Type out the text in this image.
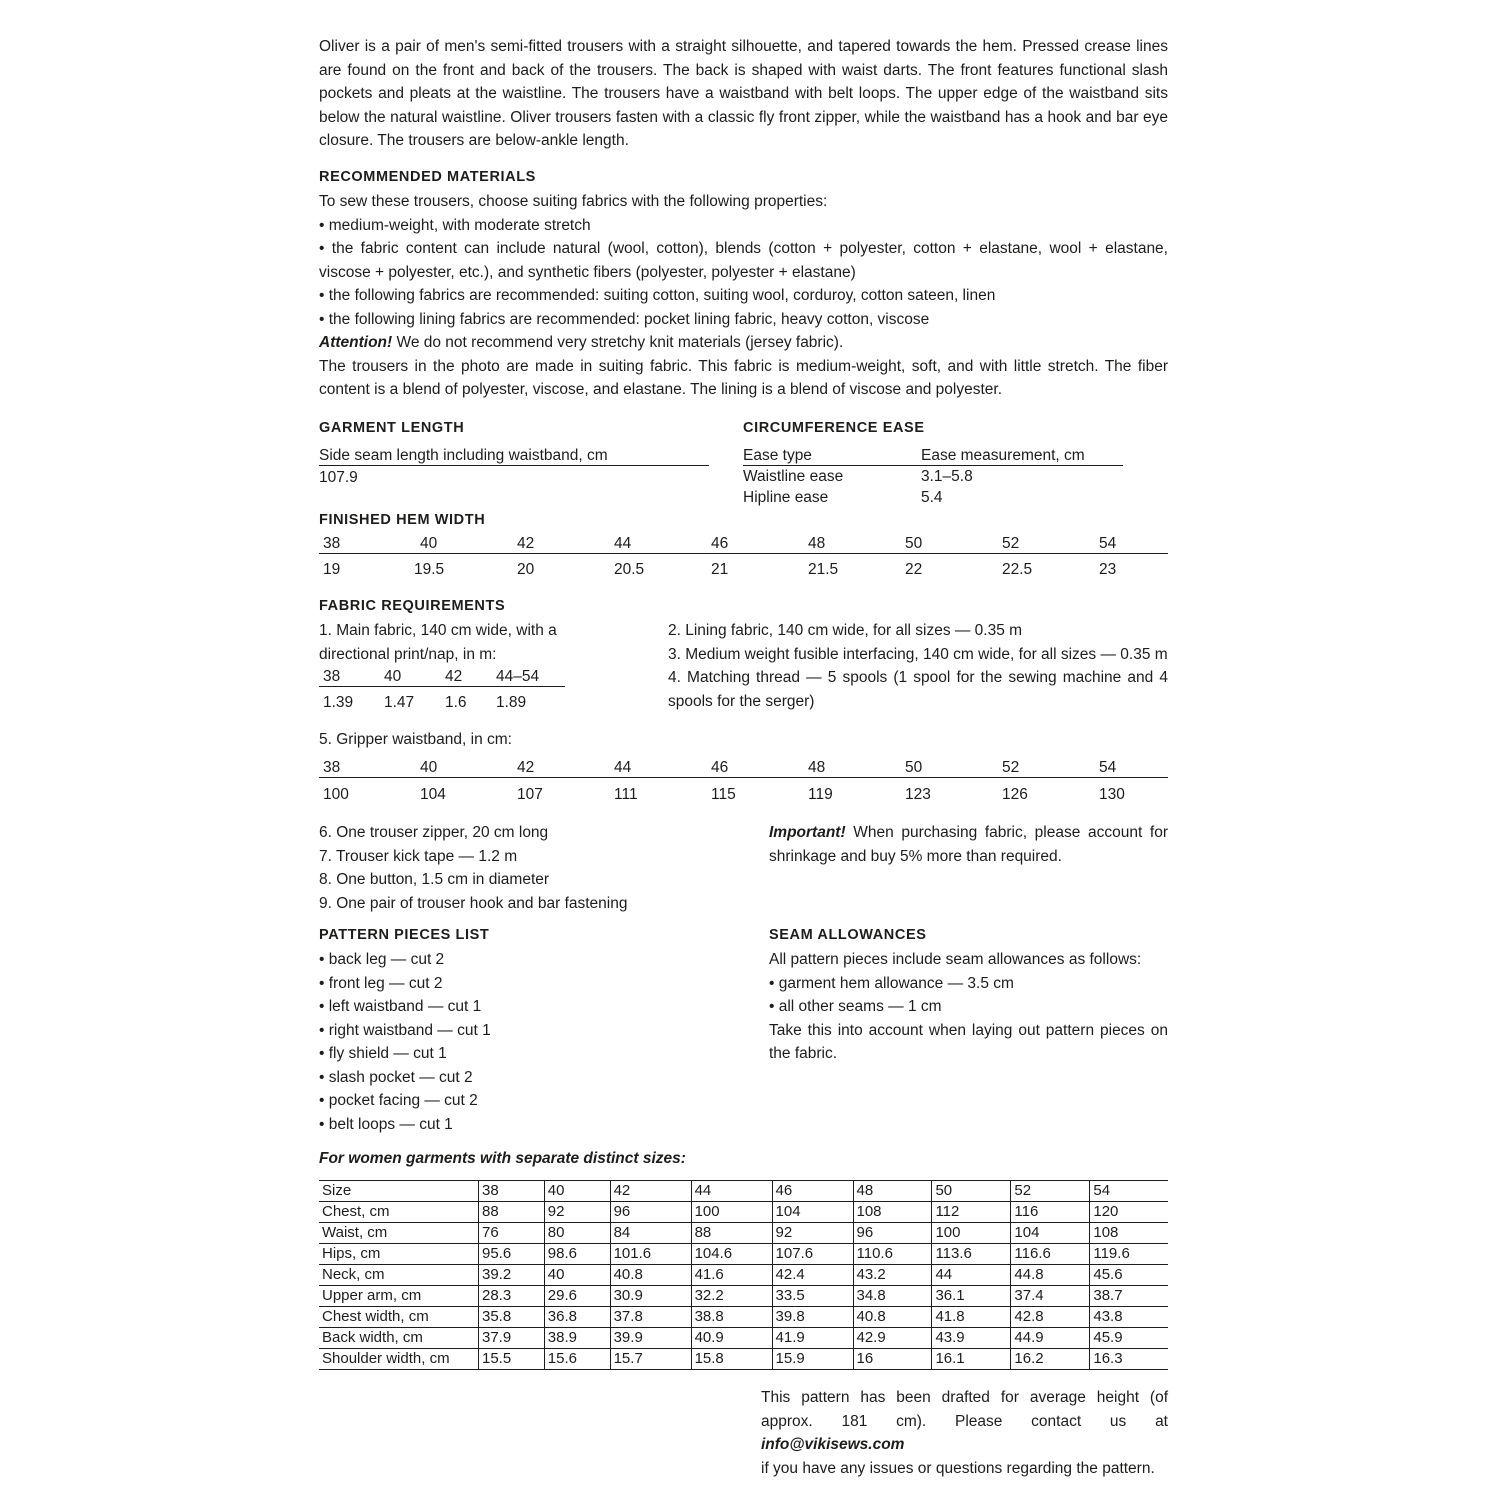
Oliver is a pair of men's semi-fitted trousers with a straight silhouette, and tapered towards the hem. Pressed crease lines are found on the front and back of the trousers. The back is shaped with waist darts. The front features functional slash pockets and pleats at the waistline. The trousers have a waistband with belt loops. The upper edge of the waistband sits below the natural waistline. Oliver trousers fasten with a classic fly front zipper, while the waistband has a hook and bar eye closure. The trousers are below-ankle length.
RECOMMENDED MATERIALS
To sew these trousers, choose suiting fabrics with the following properties:
• medium-weight, with moderate stretch
• the fabric content can include natural (wool, cotton), blends (cotton + polyester, cotton + elastane, wool + elastane, viscose + polyester, etc.), and synthetic fibers (polyester, polyester + elastane)
• the following fabrics are recommended: suiting cotton, suiting wool, corduroy, cotton sateen, linen
• the following lining fabrics are recommended: pocket lining fabric, heavy cotton, viscose
Attention! We do not recommend very stretchy knit materials (jersey fabric).
The trousers in the photo are made in suiting fabric. This fabric is medium-weight, soft, and with little stretch. The fiber content is a blend of polyester, viscose, and elastane. The lining is a blend of viscose and polyester.
GARMENT LENGTH
Side seam length including waistband, cm
107.9
CIRCUMFERENCE EASE
Ease type	Ease measurement, cm
Waistline ease	3.1–5.8
Hipline ease	5.4
FINISHED HEM WIDTH
38	40	42	44	46	48	50	52	54
19	19.5	20	20.5	21	21.5	22	22.5	23
FABRIC REQUIREMENTS
1. Main fabric, 140 cm wide, with a
directional print/nap, in m:
38	40	42	44–54
1.39	1.47	1.6	1.89
2. Lining fabric, 140 cm wide, for all sizes — 0.35 m
3. Medium weight fusible interfacing, 140 cm wide, for all sizes — 0.35 m
4. Matching thread — 5 spools (1 spool for the sewing machine and 4 spools for the serger)
5. Gripper waistband, in cm:
38	40	42	44	46	48	50	52	54
100	104	107	111	115	119	123	126	130
6. One trouser zipper, 20 cm long
7. Trouser kick tape — 1.2 m
8. One button, 1.5 cm in diameter
9. One pair of trouser hook and bar fastening
Important! When purchasing fabric, please account for shrinkage and buy 5% more than required.
PATTERN PIECES LIST
• back leg — cut 2
• front leg — cut 2
• left waistband — cut 1
• right waistband — cut 1
• fly shield — cut 1
• slash pocket — cut 2
• pocket facing — cut 2
• belt loops — cut 1
SEAM ALLOWANCES
All pattern pieces include seam allowances as follows:
• garment hem allowance — 3.5 cm
• all other seams — 1 cm
Take this into account when laying out pattern pieces on the fabric.
For women garments with separate distinct sizes:
Size	38	40	42	44	46	48	50	52	54
Chest, cm	88	92	96	100	104	108	112	116	120
Waist, cm	76	80	84	88	92	96	100	104	108
Hips, cm	95.6	98.6	101.6	104.6	107.6	110.6	113.6	116.6	119.6
Neck, cm	39.2	40	40.8	41.6	42.4	43.2	44	44.8	45.6
Upper arm, cm	28.3	29.6	30.9	32.2	33.5	34.8	36.1	37.4	38.7
Chest width, cm	35.8	36.8	37.8	38.8	39.8	40.8	41.8	42.8	43.8
Back width, cm	37.9	38.9	39.9	40.9	41.9	42.9	43.9	44.9	45.9
Shoulder width, cm	15.5	15.6	15.7	15.8	15.9	16	16.1	16.2	16.3
This pattern has been drafted for average height (of approx. 181 cm). Please contact us at info@vikisews.com
if you have any issues or questions regarding the pattern.
